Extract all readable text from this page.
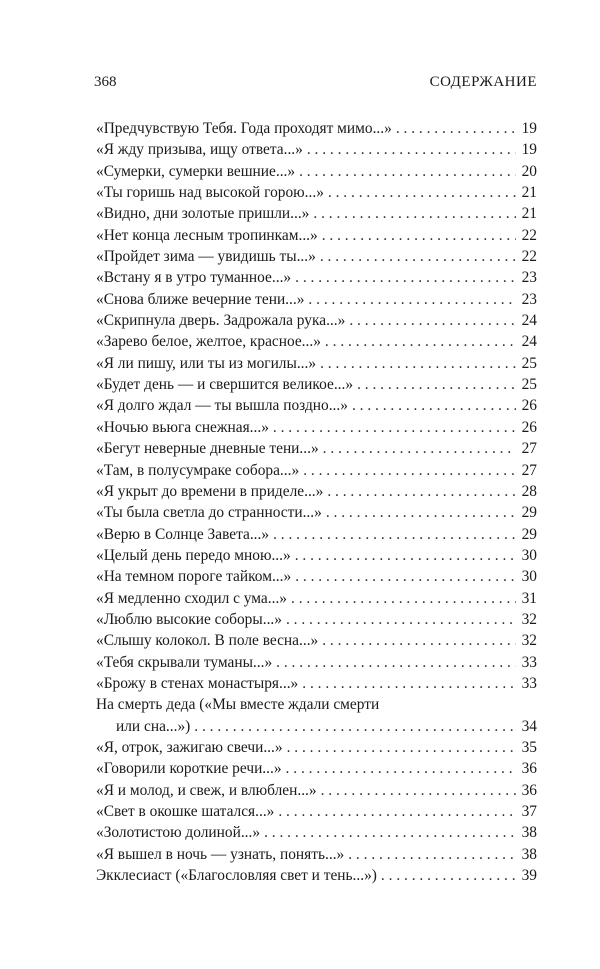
368	СОДЕРЖАНИЕ
«Предчувствую Тебя. Года проходят мимо...» . . .	19
«Я жду призыва, ищу ответа...» . . .	19
«Сумерки, сумерки вешние...» . . .	20
«Ты горишь над высокой горою...» . . .	21
«Видно, дни золотые пришли...» . . .	21
«Нет конца лесным тропинкам...» . . .	22
«Пройдет зима — увидишь ты...» . . .	22
«Встану я в утро туманное...» . . .	23
«Снова ближе вечерние тени...» . . .	23
«Скрипнула дверь. Задрожала рука...» . . .	24
«Зарево белое, желтое, красное...» . . .	24
«Я ли пишу, или ты из могилы...» . . .	25
«Будет день — и свершится великое...» . . .	25
«Я долго ждал — ты вышла поздно...» . . .	26
«Ночью вьюга снежная...» . . .	26
«Бегут неверные дневные тени...» . . .	27
«Там, в полусумраке собора...» . . .	27
«Я укрыт до времени в приделе...» . . .	28
«Ты была светла до странности...» . . .	29
«Верю в Солнце Завета...» . . .	29
«Целый день передо мною...» . . .	30
«На темном пороге тайком...» . . .	30
«Я медленно сходил с ума...» . . .	31
«Люблю высокие соборы...» . . .	32
«Слышу колокол. В поле весна...» . . .	32
«Тебя скрывали туманы...» . . .	33
«Брожу в стенах монастыря...» . . .	33
На смерть деда («Мы вместе ждали смерти
или сна...») . . .	34
«Я, отрок, зажигаю свечи...» . . .	35
«Говорили короткие речи...» . . .	36
«Я и молод, и свеж, и влюблен...» . . .	36
«Свет в окошке шатался...» . . .	37
«Золотистою долиной...» . . .	38
«Я вышел в ночь — узнать, понять...» . . .	38
Экклесиаст («Благословляя свет и тень...») . . .	39
